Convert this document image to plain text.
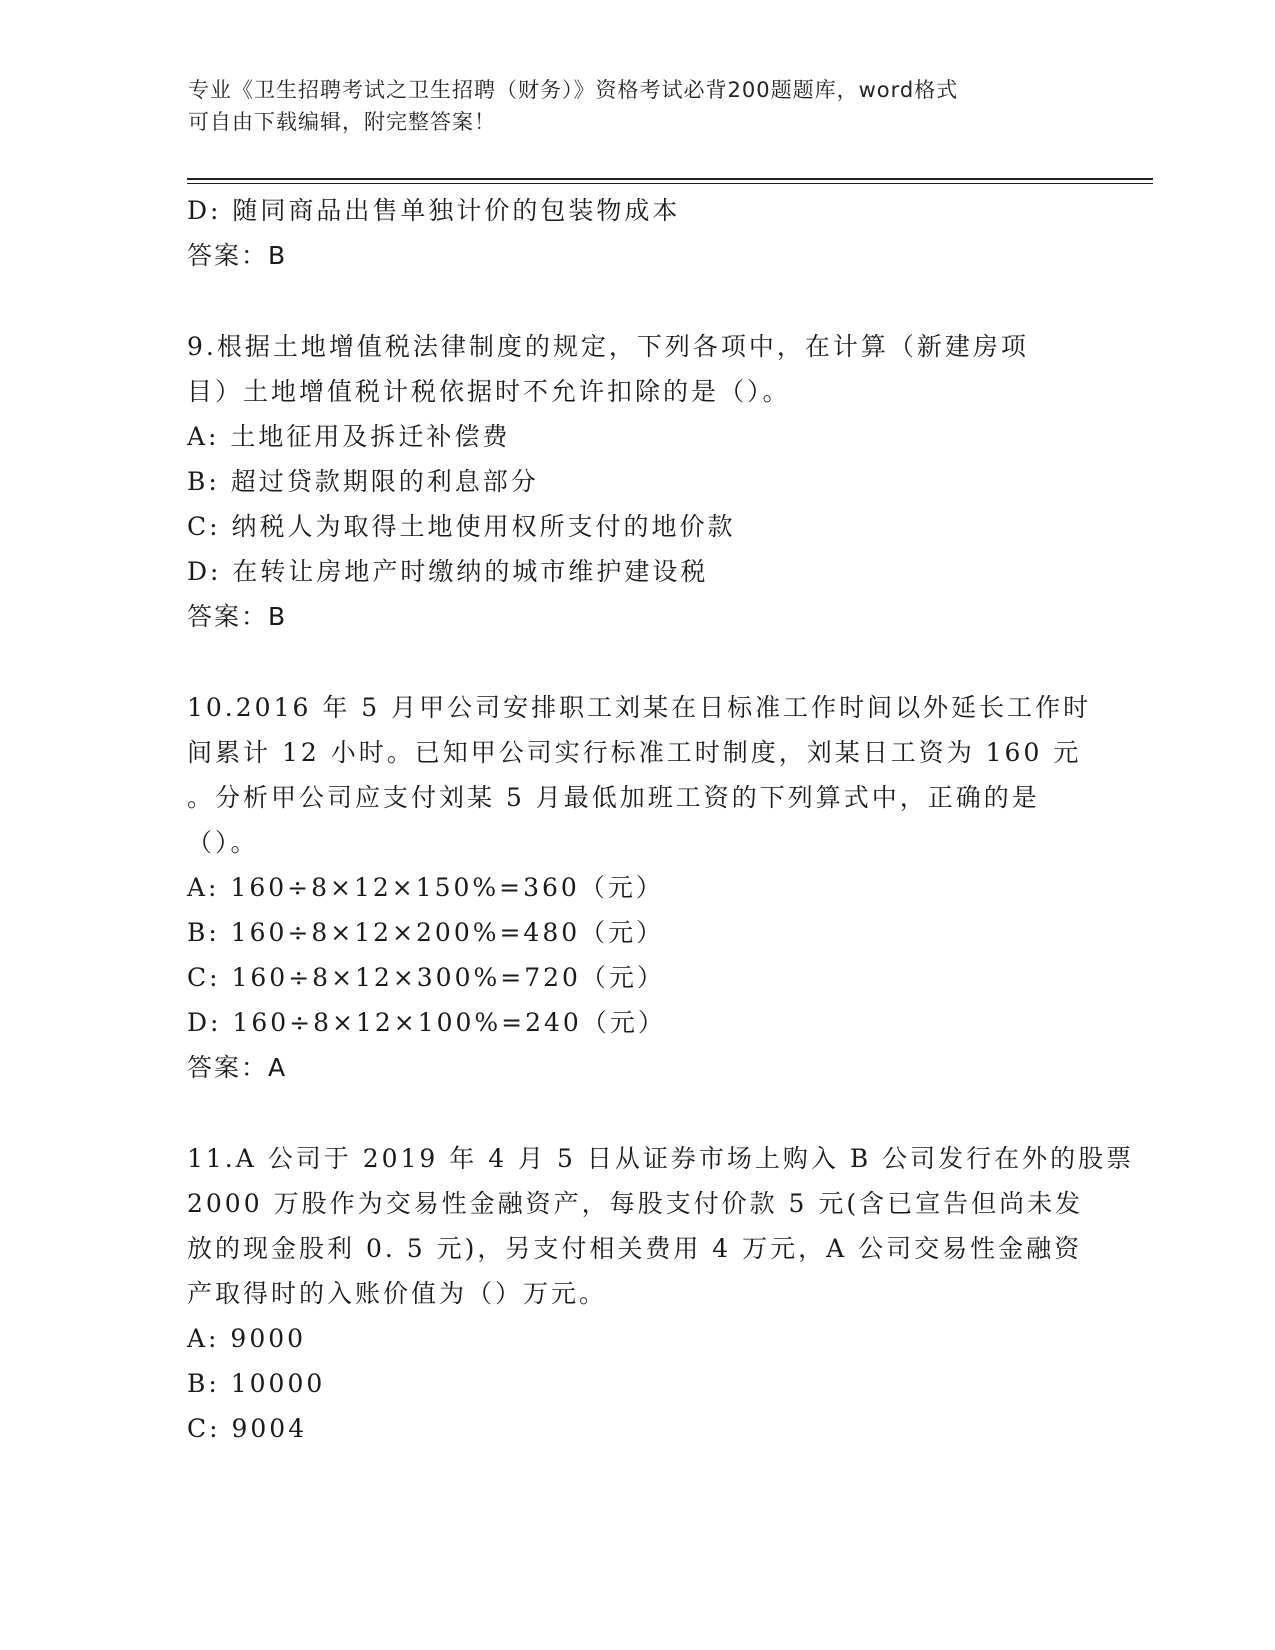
专业《卫生招聘考试之卫生招聘（财务）》资格考试必背200题题库，word格式
可自由下载编辑，附完整答案！
D: 随同商品出售单独计价的包装物成本
答案：B
9.根据土地增值税法律制度的规定，下列各项中，在计算（新建房项
目）土地增值税计税依据时不允许扣除的是（）。
A: 土地征用及拆迁补偿费
B: 超过贷款期限的利息部分
C: 纳税人为取得土地使用权所支付的地价款
D: 在转让房地产时缴纳的城市维护建设税
答案：B
10.2016 年 5 月甲公司安排职工刘某在日标准工作时间以外延长工作时
间累计 12 小时。已知甲公司实行标准工时制度，刘某日工资为 160 元
。分析甲公司应支付刘某 5 月最低加班工资的下列算式中，正确的是
（）。
A: 160÷8×12×150%=360（元）
B: 160÷8×12×200%=480（元）
C: 160÷8×12×300%=720（元）
D: 160÷8×12×100%=240（元）
答案：A
11.A 公司于 2019 年 4 月 5 日从证券市场上购入 B 公司发行在外的股票
2000 万股作为交易性金融资产，每股支付价款 5 元(含已宣告但尚未发
放的现金股利 0. 5 元)，另支付相关费用 4 万元，A 公司交易性金融资
产取得时的入账价值为（）万元。
A: 9000
B: 10000
C: 9004
